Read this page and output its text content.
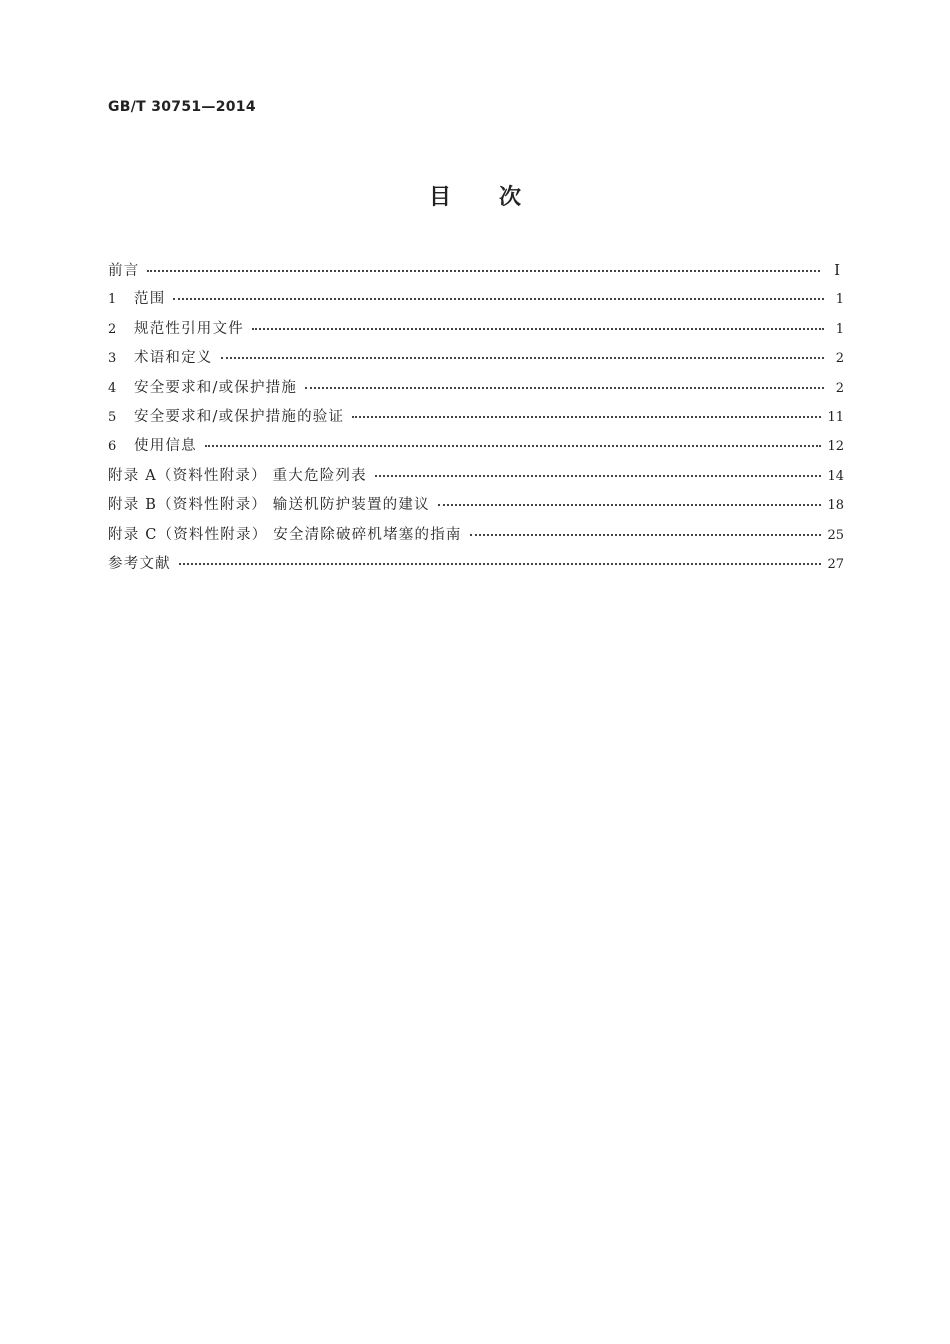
GB/T 30751—2014
目次
前言	Ⅰ
1	范围	1
2	规范性引用文件	1
3	术语和定义	2
4	安全要求和/或保护措施	2
5	安全要求和/或保护措施的验证	11
6	使用信息	12
附录 A（资料性附录） 重大危险列表	14
附录 B（资料性附录） 输送机防护装置的建议	18
附录 C（资料性附录） 安全清除破碎机堵塞的指南	25
参考文献	27
